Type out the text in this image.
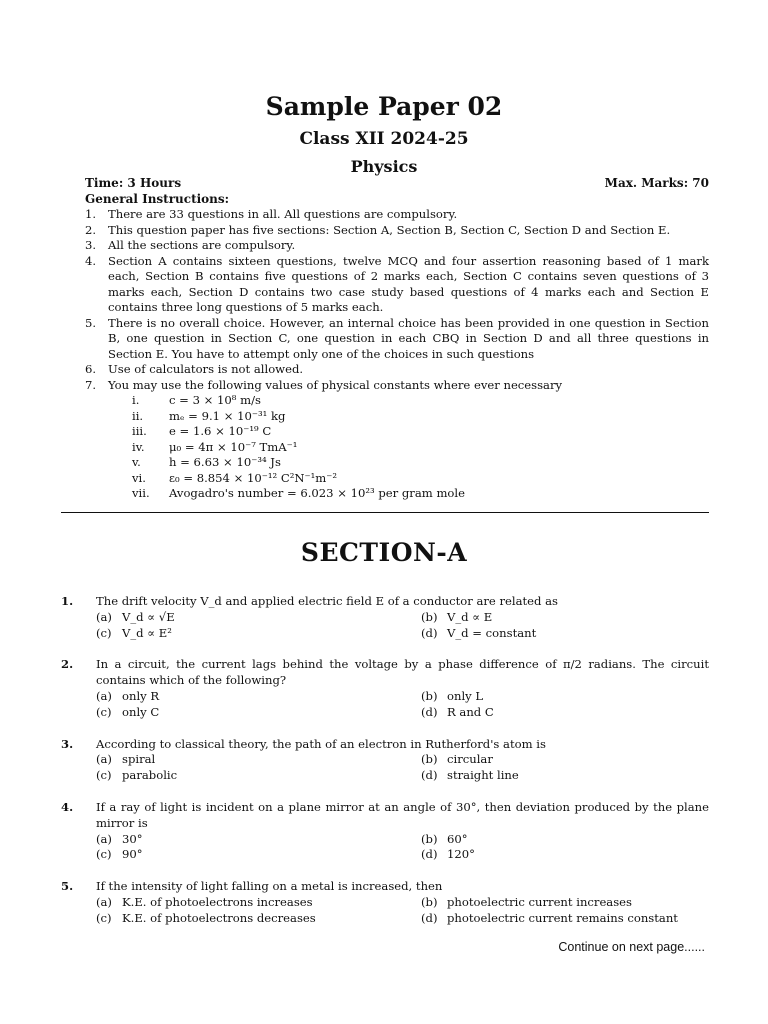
Sample Paper 02
Class XII 2024-25
Physics
Time: 3 Hours	Max. Marks: 70
General Instructions:
1.	There are 33 questions in all. All questions are compulsory.
2.	This question paper has five sections: Section A, Section B, Section C, Section D and Section E.
3.	All the sections are compulsory.
4.	Section A contains sixteen questions, twelve MCQ and four assertion reasoning based of 1 mark each, Section B contains five questions of 2 marks each, Section C contains seven questions of 3 marks each, Section D contains two case study based questions of 4 marks each and Section E contains three long questions of 5 marks each.
5.	There is no overall choice. However, an internal choice has been provided in one question in Section B, one question in Section C, one question in each CBQ in Section D and all three questions in Section E. You have to attempt only one of the choices in such questions
6.	Use of calculators is not allowed.
7.	You may use the following values of physical constants where ever necessary
i.	c = 3 × 10⁸ m/s
ii.	mₑ = 9.1 × 10⁻³¹ kg
iii.	e = 1.6 × 10⁻¹⁹ C
iv.	μ₀ = 4π × 10⁻⁷ TmA⁻¹
v.	h = 6.63 × 10⁻³⁴ Js
vi.	ε₀ = 8.854 × 10⁻¹² C²N⁻¹m⁻²
vii.	Avogadro's number = 6.023 × 10²³ per gram mole
SECTION-A
1.	The drift velocity V_d and applied electric field E of a conductor are related as
(a) V_d ∝ √E	(b) V_d ∝ E
(c) V_d ∝ E²	(d) V_d = constant
2.	In a circuit, the current lags behind the voltage by a phase difference of π/2 radians. The circuit contains which of the following?
(a) only R	(b) only L
(c) only C	(d) R and C
3.	According to classical theory, the path of an electron in Rutherford's atom is
(a) spiral	(b) circular
(c) parabolic	(d) straight line
4.	If a ray of light is incident on a plane mirror at an angle of 30°, then deviation produced by the plane mirror is
(a) 30°	(b) 60°
(c) 90°	(d) 120°
5.	If the intensity of light falling on a metal is increased, then
(a) K.E. of photoelectrons increases	(b) photoelectric current increases
(c) K.E. of photoelectrons decreases	(d) photoelectric current remains constant
Continue on next page......
